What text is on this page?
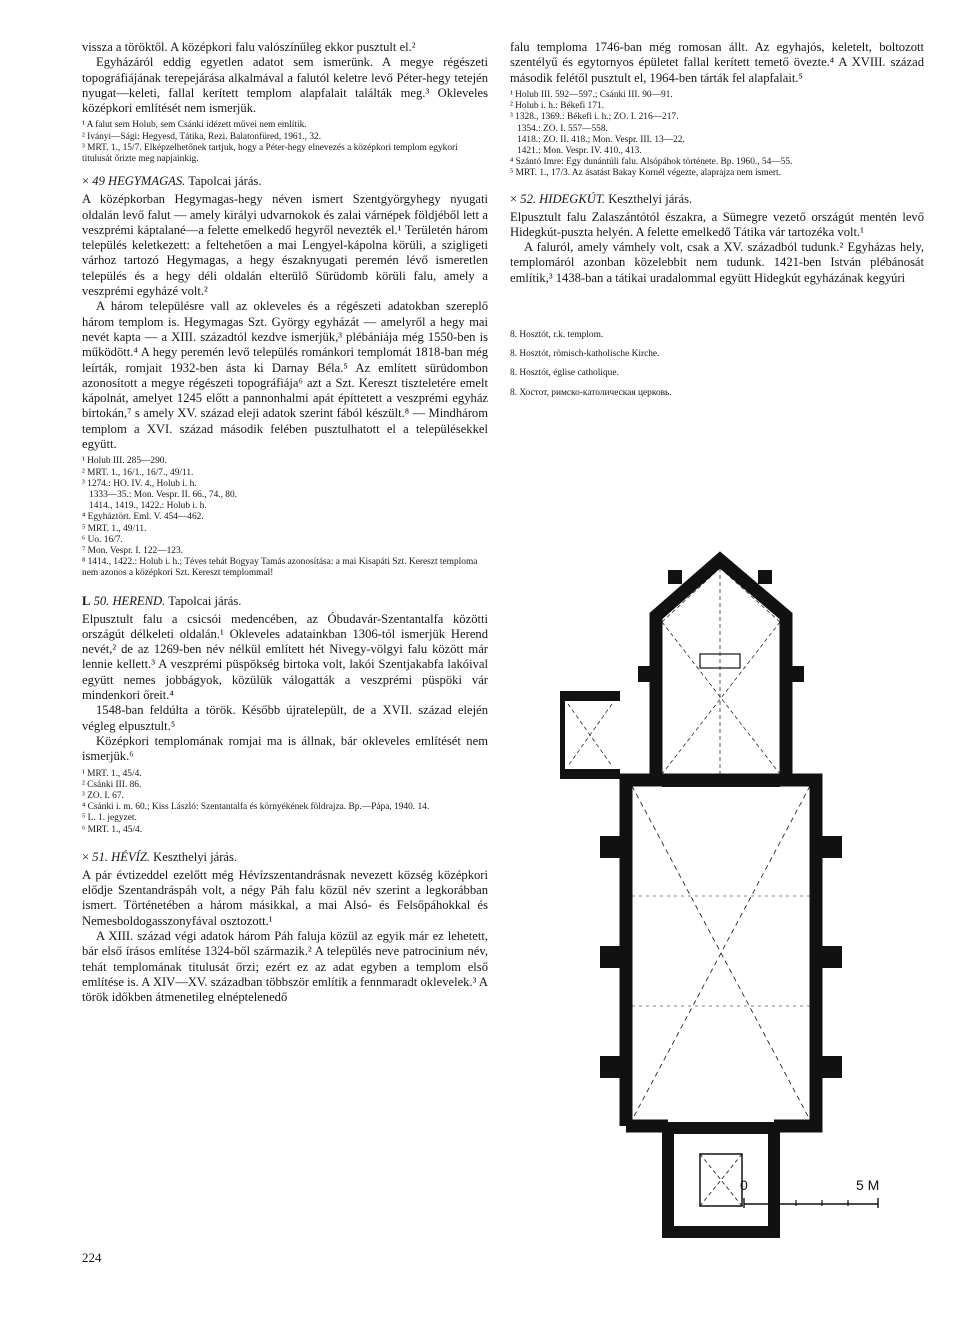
vissza a töröktől. A középkori falu valószínűleg ekkor pusztult el.²

Egyházáról eddig egyetlen adatot sem ismerünk. A megye régészeti topográfiájának terepejárása alkalmával a falutól keletre levő Péter-hegy tetején nyugat—keleti, fallal kerített templom alapfalait találták meg.³ Okleveles középkori említését nem ismerjük.

¹ A falut sem Holub, sem Csánki idézett művei nem említik.
² Iványi—Sági: Hegyesd, Tátika, Rezi. Balatonfüred, 1961., 32.
³ MRT. 1., 15/7. Elképzelhetőnek tartjuk, hogy a Péter-hegy elnevezés a középkori templom egykori titulusát őrizte meg napjainkig.
× 49 HEGYMAGAS. Tapolcai járás.

A középkorban Hegymagas-hegy néven ismert Szentgyörgyhegy nyugati oldalán levő falut — amely királyi udvarnokok és zalai várnépek földjéből lett a veszprémi káptalané—a felette emelkedő hegyről nevezték el.¹ Területén három település keletkezett: a feltehetően a mai Lengyel-kápolna körüli, a szigligeti várhoz tartozó Hegymagas, a hegy északnyugati peremén lévő ismeretlen település és a hegy déli oldalán elterülő Sürüdomb körüli falu, amely a veszprémi egyházé volt.²

A három településre vall az okleveles és a régészeti adatokban szereplő három templom is. Hegymagas Szt. György egyházát — amelyről a hegy mai nevét kapta — a XIII. századtól kezdve ismerjük,³ plébániája még 1550-ben is működött.⁴ A hegy peremén levő település románkori templomát 1818-ban még leírták, romjait 1932-ben ásta ki Darnay Béla.⁵ Az említett sürüdombon azonosított a megye régészeti topográfiája⁶ azt a Szt. Kereszt tiszteletére emelt kápolnát, amelyet 1245 előtt a pannonhalmi apát építtetett a veszprémi egyház birtokán,⁷ s amely XV. század eleji adatok szerint fából készült.⁸ — Mindhárom templom a XVI. század második felében pusztulhatott el a településekkel együtt.

¹ Holub III. 285—290.
² MRT. 1., 16/1., 16/7., 49/11.
³ 1274.: HO. IV. 4., Holub i. h.
1333—35.: Mon. Vespr. II. 66., 74., 80.
1414., 1419., 1422.: Holub i. h.
⁴ Egyháztört. Eml. V. 454—462.
⁵ MRT. 1., 49/11.
⁶ Uo. 16/7.
⁷ Mon. Vespr. I. 122—123.
⁸ 1414., 1422.: Holub i. h.; Téves tehát Bogyay Tamás azonosítása: a mai Kisapáti Szt. Kereszt temploma nem azonos a középkori Szt. Kereszt templommal!
L 50. HEREND. Tapolcai járás.

Elpusztult falu a csicsói medencében, az Óbudavár-Szentantalfa közötti országút délkeleti oldalán.¹ Okleveles adatainkban 1306-tól ismerjük Herend nevét,² de az 1269-ben név nélkül említett hét Nivegy-völgyi falu között már lennie kellett.³ A veszprémi püspökség birtoka volt, lakói Szentjakabfa lakóival együtt nemes jobbágyok, közülük válogatták a veszprémi püspöki vár mindenkori őreit.⁴

1548-ban feldúlta a török. Később újratelepült, de a XVII. század elején végleg elpusztult.⁵

Középkori templomának romjai ma is állnak, bár okleveles említését nem ismerjük.⁶

¹ MRT. 1., 45/4.
² Csánki III. 86.
³ ZO. I. 67.
⁴ Csánki i. m. 60.; Kiss László: Szentantalfa és környékének földrajza. Bp.—Pápa, 1940. 14.
⁵ L. 1. jegyzet.
⁶ MRT. 1., 45/4.
× 51. HÉVÍZ. Keszthelyi járás.

A pár évtizeddel ezelőtt még Hévízszentandrásnak nevezett község középkori elődje Szentandráspáh volt, a négy Páh falu közül név szerint a legkorábban ismert. Történetében a három másikkal, a mai Alsó- és Felsőpáhokkal és Nemesboldogasszonyfával osztozott.¹

A XIII. század végi adatok három Páh faluja közül az egyik már ez lehetett, bár első írásos említése 1324-ből származik.² A település neve patrocinium név, tehát templomának titulusát őrzi; ezért ez az adat egyben a templom első említése is. A XIV—XV. században többször említik a fennmaradt oklevelek.³ A török időkben átmenetileg elnéptelenedő

falu temploma 1746-ban még romosan állt. Az egyhajós, keletelt, boltozott szentélyű és egytornyos épületet fallal kerített temető övezte.⁴ A XVIII. század második felétől pusztult el, 1964-ben tárták fel alapfalait.⁵

¹ Holub III. 592—597.; Csánki III. 90—91.
² Holub i. h.: Békefi 171.
³ 1328., 1369.: Békefi i. h.; ZO. I. 216—217.
1354.: ZO. I. 557—558.
1418.: ZO. II. 418.; Mon. Vespr. III. 13—22.
1421.: Mon. Vespr. IV. 410., 413.
⁴ Szántó Imre: Egy dunántúli falu. Alsópáhok története. Bp. 1960., 54—55.
⁵ MRT. 1., 17/3. Az ásatást Bakay Kornél végezte, alaprajza nem ismert.
× 52. HIDEGKÚT. Keszthelyi járás.

Elpusztult falu Zalaszántótól északra, a Sümegre vezető országút mentén levő Hidegkút-puszta helyén. A felette emelkedő Tátika vár tartozéka volt.¹

A faluról, amely vámhely volt, csak a XV. századból tudunk.² Egyházas hely, templomáról azonban közelebbit nem tudunk. 1421-ben István plébánosát említik,³ 1438-ban a tátikai uradalommal együtt Hidegkút egyházának kegyúri

8. Hosztót, r.k. templom.
8. Hosztót, römisch-katholische Kirche.
8. Hosztót, église catholique.
8. Хостот, римско-католическая церковь.
0	5 M
224
